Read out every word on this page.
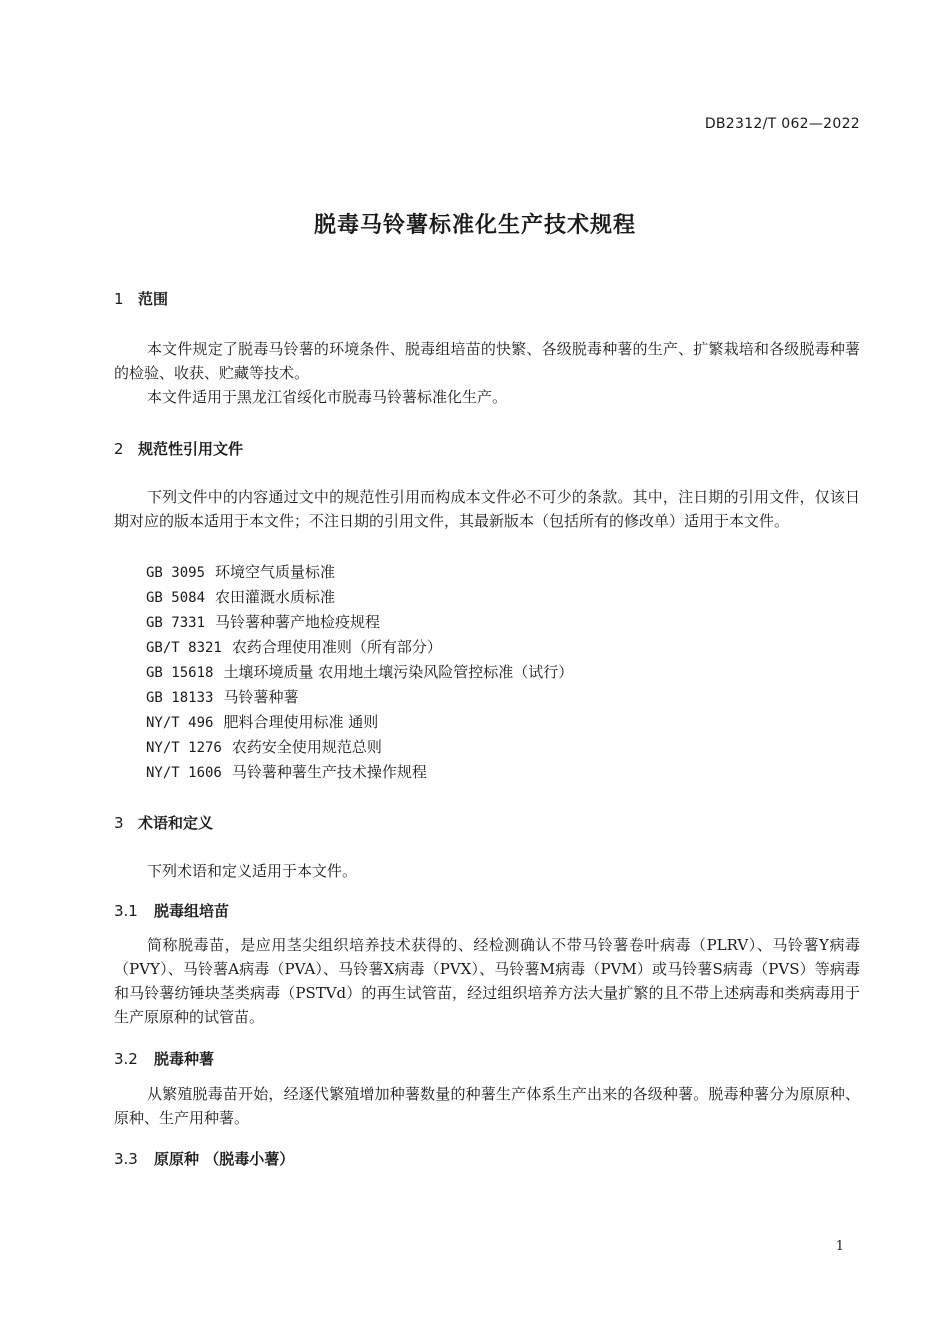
DB2312/T 062—2022
脱毒马铃薯标准化生产技术规程
1 范围

本文件规定了脱毒马铃薯的环境条件、脱毒组培苗的快繁、各级脱毒种薯的生产、扩繁栽培和各级脱毒种薯的检验、收获、贮藏等技术。

本文件适用于黑龙江省绥化市脱毒马铃薯标准化生产。

2 规范性引用文件

下列文件中的内容通过文中的规范性引用而构成本文件必不可少的条款。其中，注日期的引用文件，仅该日期对应的版本适用于本文件；不注日期的引用文件，其最新版本（包括所有的修改单）适用于本文件。

GB 3095 环境空气质量标准
GB 5084 农田灌溉水质标准
GB 7331 马铃薯种薯产地检疫规程
GB/T 8321 农药合理使用准则（所有部分）
GB 15618 土壤环境质量 农用地土壤污染风险管控标准（试行）
GB 18133 马铃薯种薯
NY/T 496 肥料合理使用标准 通则
NY/T 1276 农药安全使用规范总则
NY/T 1606 马铃薯种薯生产技术操作规程
3 术语和定义

下列术语和定义适用于本文件。

3.1 脱毒组培苗

简称脱毒苗，是应用茎尖组织培养技术获得的、经检测确认不带马铃薯卷叶病毒（PLRV）、马铃薯Y病毒（PVY）、马铃薯A病毒（PVA）、马铃薯X病毒（PVX）、马铃薯M病毒（PVM）或马铃薯S病毒（PVS）等病毒和马铃薯纺锤块茎类病毒（PSTVd）的再生试管苗，经过组织培养方法大量扩繁的且不带上述病毒和类病毒用于生产原原种的试管苗。

3.2 脱毒种薯

从繁殖脱毒苗开始，经逐代繁殖增加种薯数量的种薯生产体系生产出来的各级种薯。脱毒种薯分为原原种、原种、生产用种薯。

3.3 原原种 （脱毒小薯）
1
